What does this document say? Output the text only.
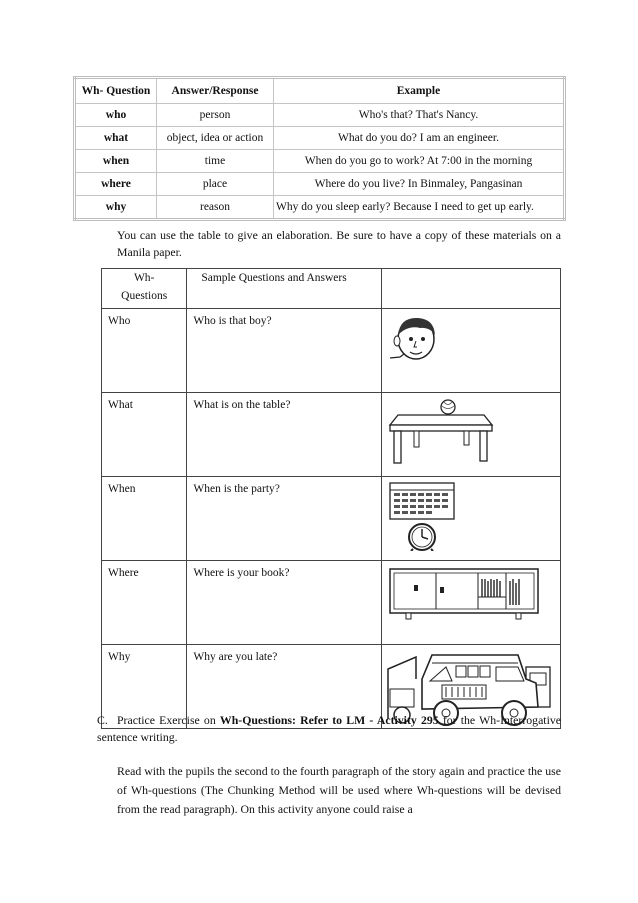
Wh- Question	Answer/Response	Example
who	person	Who's that? That's Nancy.
what	object, idea or action	What do you do? I am an engineer.
when	time	When do you go to work? At 7:00 in the morning
where	place	Where do you live? In Binmaley, Pangasinan
why	reason	Why do you sleep early? Because I need to get up early.
You can use the table to give an elaboration. Be sure to have a copy of these materials on a Manila paper.
Wh-
Questions	Sample Questions and Answers	
Who	Who is that boy?	

What	What is on the table?	

When	When is the party?	

Where	Where is your book?	

Why	Why are you late?	
C. Practice Exercise on Wh-Questions: Refer to LM - Activity 295 for the Wh-Interrogative sentence writing.
Read with the pupils the second to the fourth paragraph of the story again and practice the use of Wh-questions (The Chunking Method will be used where Wh-questions will be devised from the read paragraph). On this activity anyone could raise a
